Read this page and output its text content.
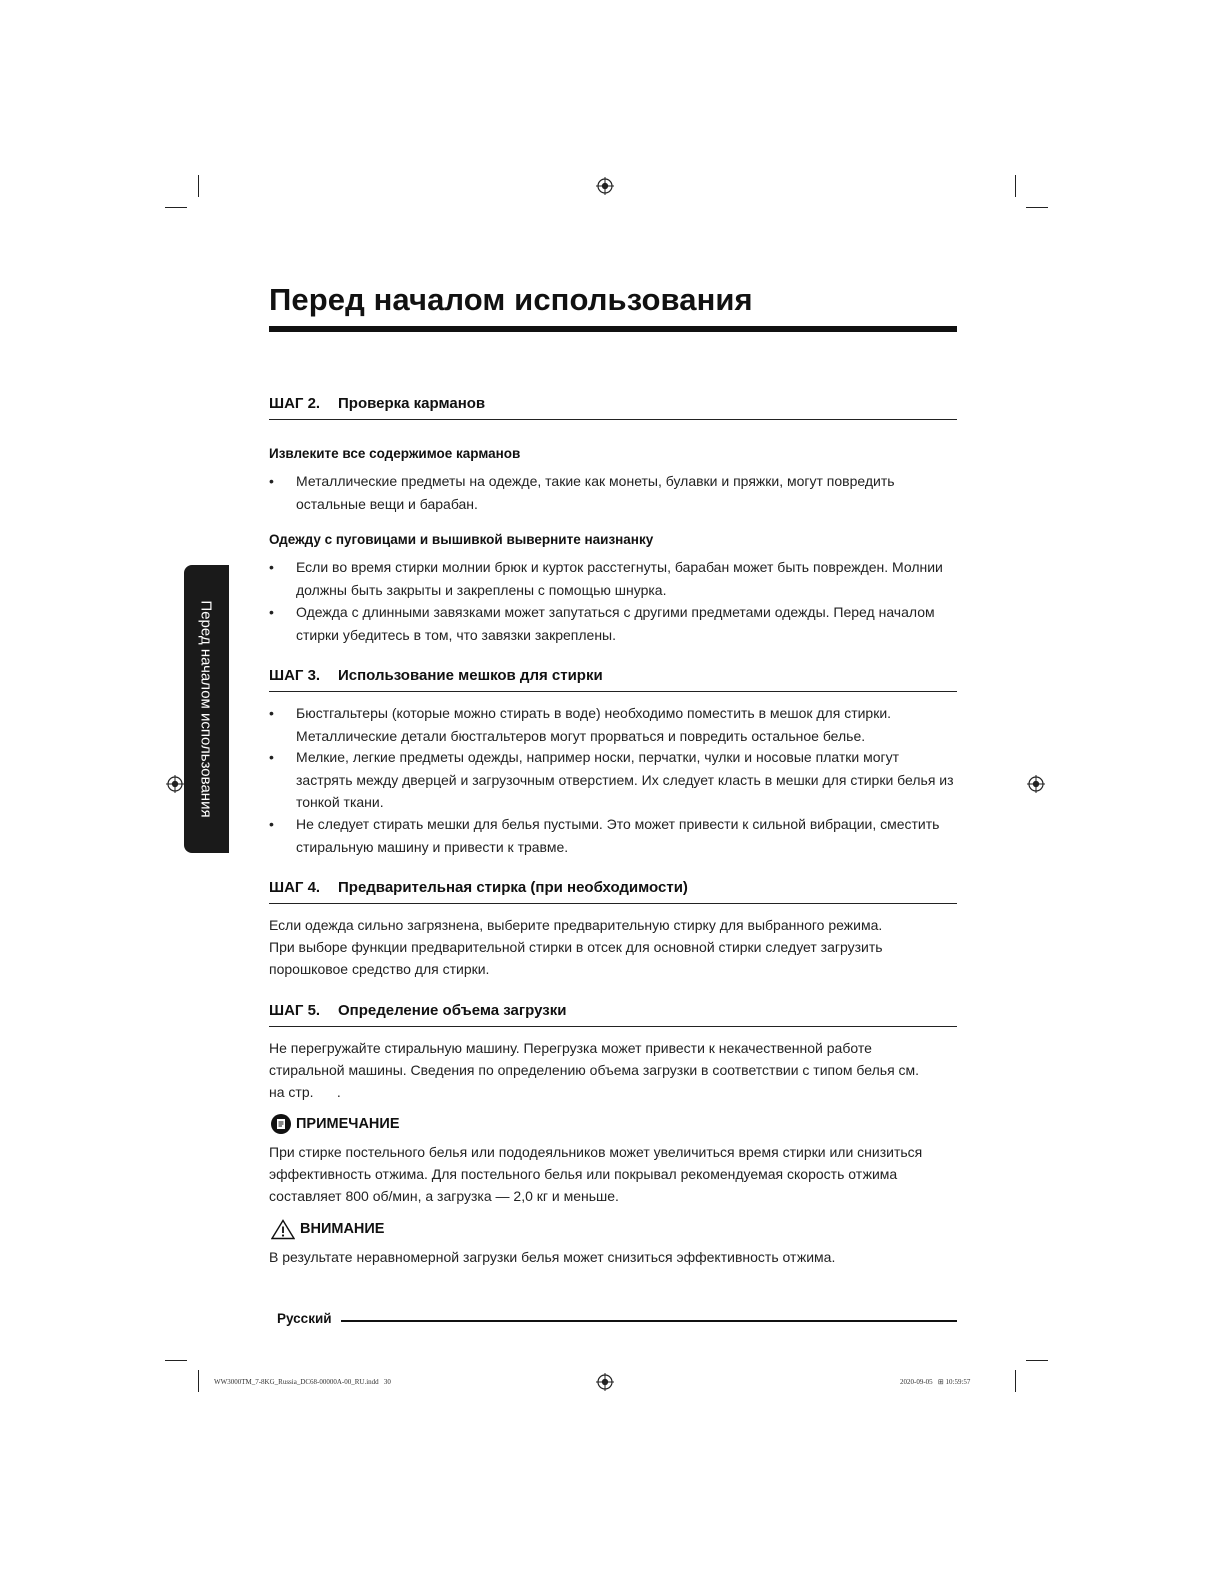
Перед началом использования
Перед началом использования
ШАГ 2. Проверка карманов
Извлеките все содержимое карманов
• Металлические предметы на одежде, такие как монеты, булавки и пряжки, могут повредить остальные вещи и барабан.
Одежду с пуговицами и вышивкой выверните наизнанку
• Если во время стирки молнии брюк и курток расстегнуты, барабан может быть поврежден. Молнии должны быть закрыты и закреплены с помощью шнурка.
• Одежда с длинными завязками может запутаться с другими предметами одежды. Перед началом стирки убедитесь в том, что завязки закреплены.
ШАГ 3. Использование мешков для стирки
• Бюстгальтеры (которые можно стирать в воде) необходимо поместить в мешок для стирки. Металлические детали бюстгальтеров могут прорваться и повредить остальное белье.
• Мелкие, легкие предметы одежды, например носки, перчатки, чулки и носовые платки могут застрять между дверцей и загрузочным отверстием. Их следует класть в мешки для стирки белья из тонкой ткани.
• Не следует стирать мешки для белья пустыми. Это может привести к сильной вибрации, сместить стиральную машину и привести к травме.
ШАГ 4. Предварительная стирка (при необходимости)
Если одежда сильно загрязнена, выберите предварительную стирку для выбранного режима.
При выборе функции предварительной стирки в отсек для основной стирки следует загрузить
порошковое средство для стирки.
ШАГ 5. Определение объема загрузки
Не перегружайте стиральную машину. Перегрузка может привести к некачественной работе
стиральной машины. Сведения по определению объема загрузки в соответствии с типом белья см.
на стр.      .
ПРИМЕЧАНИЕ
При стирке постельного белья или пододеяльников может увеличиться время стирки или снизиться
эффективность отжима. Для постельного белья или покрывал рекомендуемая скорость отжима
составляет 800 об/мин, а загрузка — 2,0 кг и меньше.
ВНИМАНИЕ
В результате неравномерной загрузки белья может снизиться эффективность отжима.
Русский
WW3000TM_7-8KG_Russia_DC68-00000A-00_RU.indd   30	2020-09-05   ⊞ 10:59:57
